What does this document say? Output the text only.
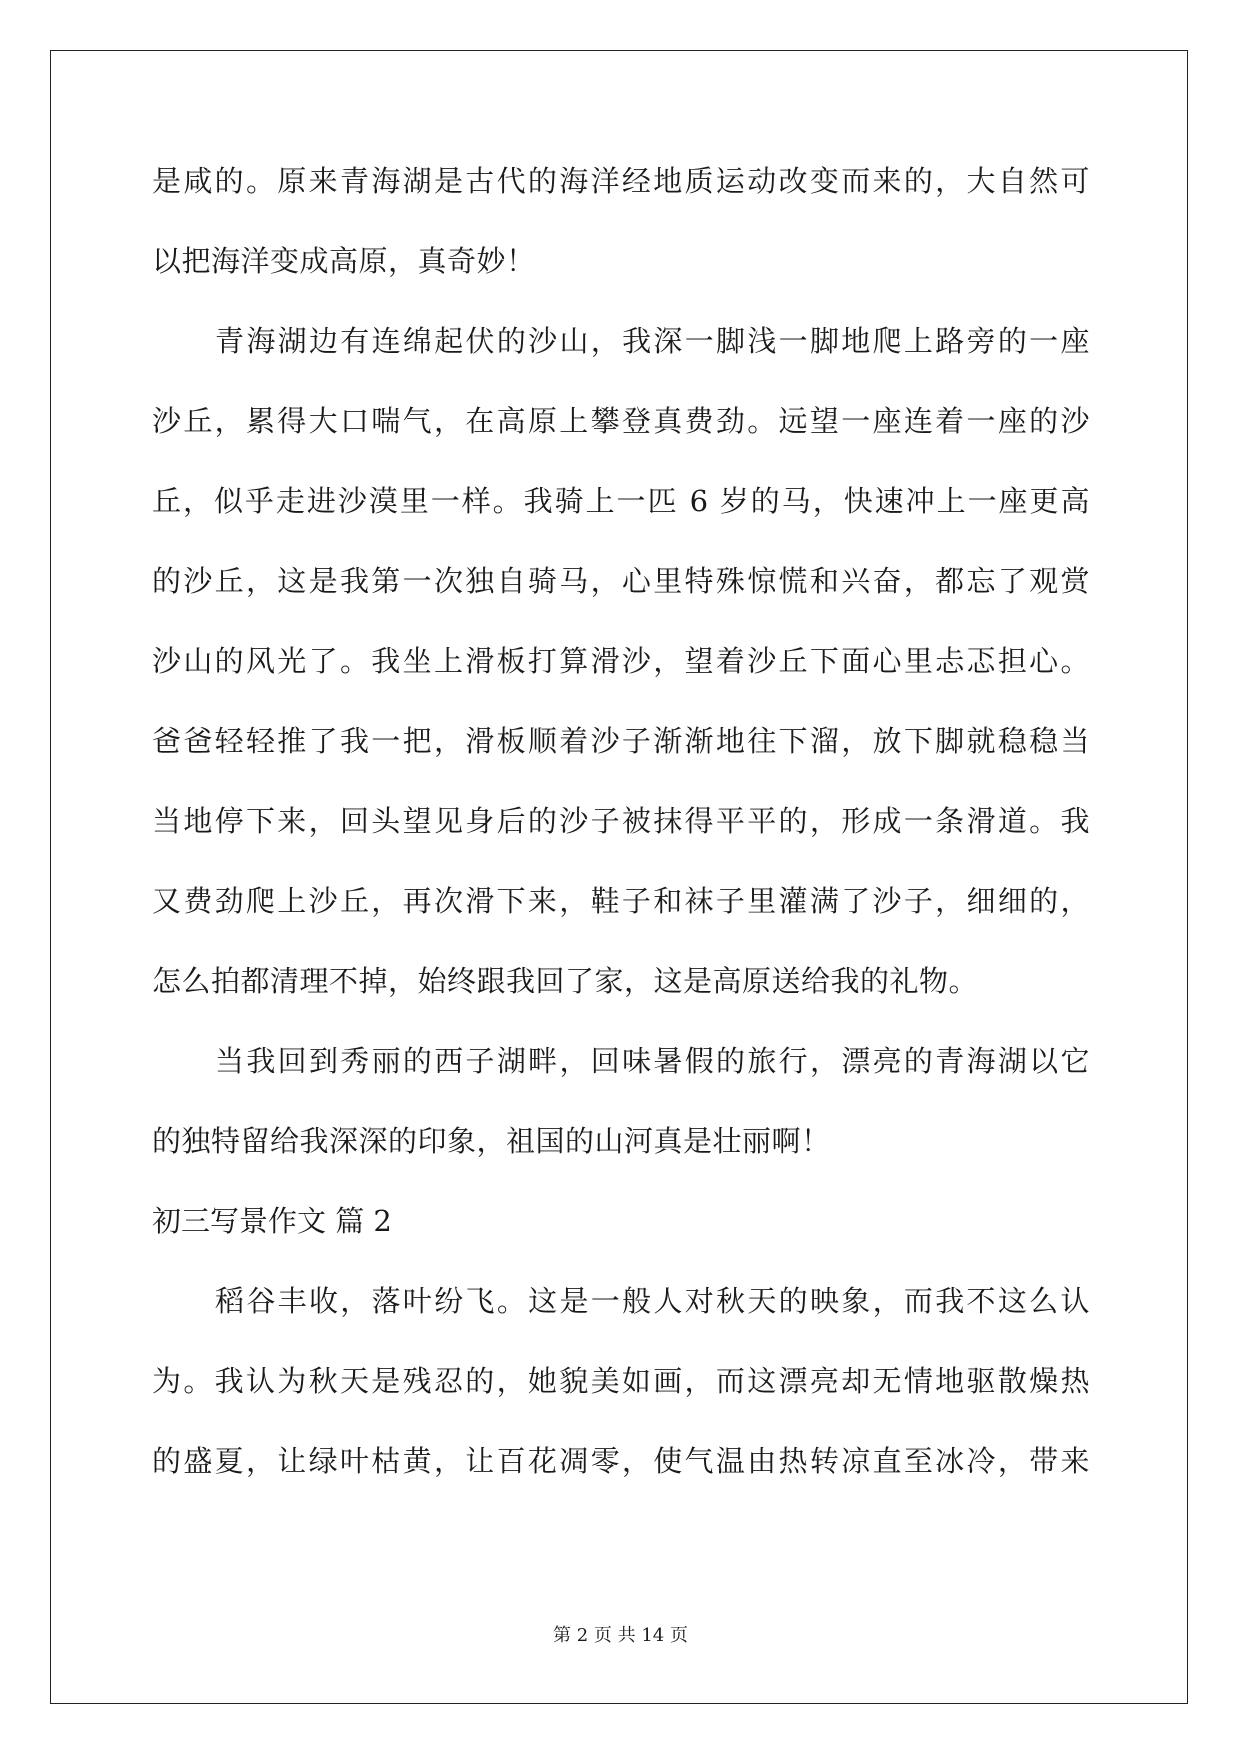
是咸的。原来青海湖是古代的海洋经地质运动改变而来的，大自然可
以把海洋变成高原，真奇妙！
青海湖边有连绵起伏的沙山，我深一脚浅一脚地爬上路旁的一座
沙丘，累得大口喘气，在高原上攀登真费劲。远望一座连着一座的沙
丘，似乎走进沙漠里一样。我骑上一匹 6 岁的马，快速冲上一座更高
的沙丘，这是我第一次独自骑马，心里特殊惊慌和兴奋，都忘了观赏
沙山的风光了。我坐上滑板打算滑沙，望着沙丘下面心里忐忑担心。
爸爸轻轻推了我一把，滑板顺着沙子渐渐地往下溜，放下脚就稳稳当
当地停下来，回头望见身后的沙子被抹得平平的，形成一条滑道。我
又费劲爬上沙丘，再次滑下来，鞋子和袜子里灌满了沙子，细细的，
怎么拍都清理不掉，始终跟我回了家，这是高原送给我的礼物。
当我回到秀丽的西子湖畔，回味暑假的旅行，漂亮的青海湖以它
的独特留给我深深的印象，祖国的山河真是壮丽啊！
初三写景作文 篇 2
稻谷丰收，落叶纷飞。这是一般人对秋天的映象，而我不这么认
为。我认为秋天是残忍的，她貌美如画，而这漂亮却无情地驱散燥热
的盛夏，让绿叶枯黄，让百花凋零，使气温由热转凉直至冰冷，带来
第 2 页 共 14 页
